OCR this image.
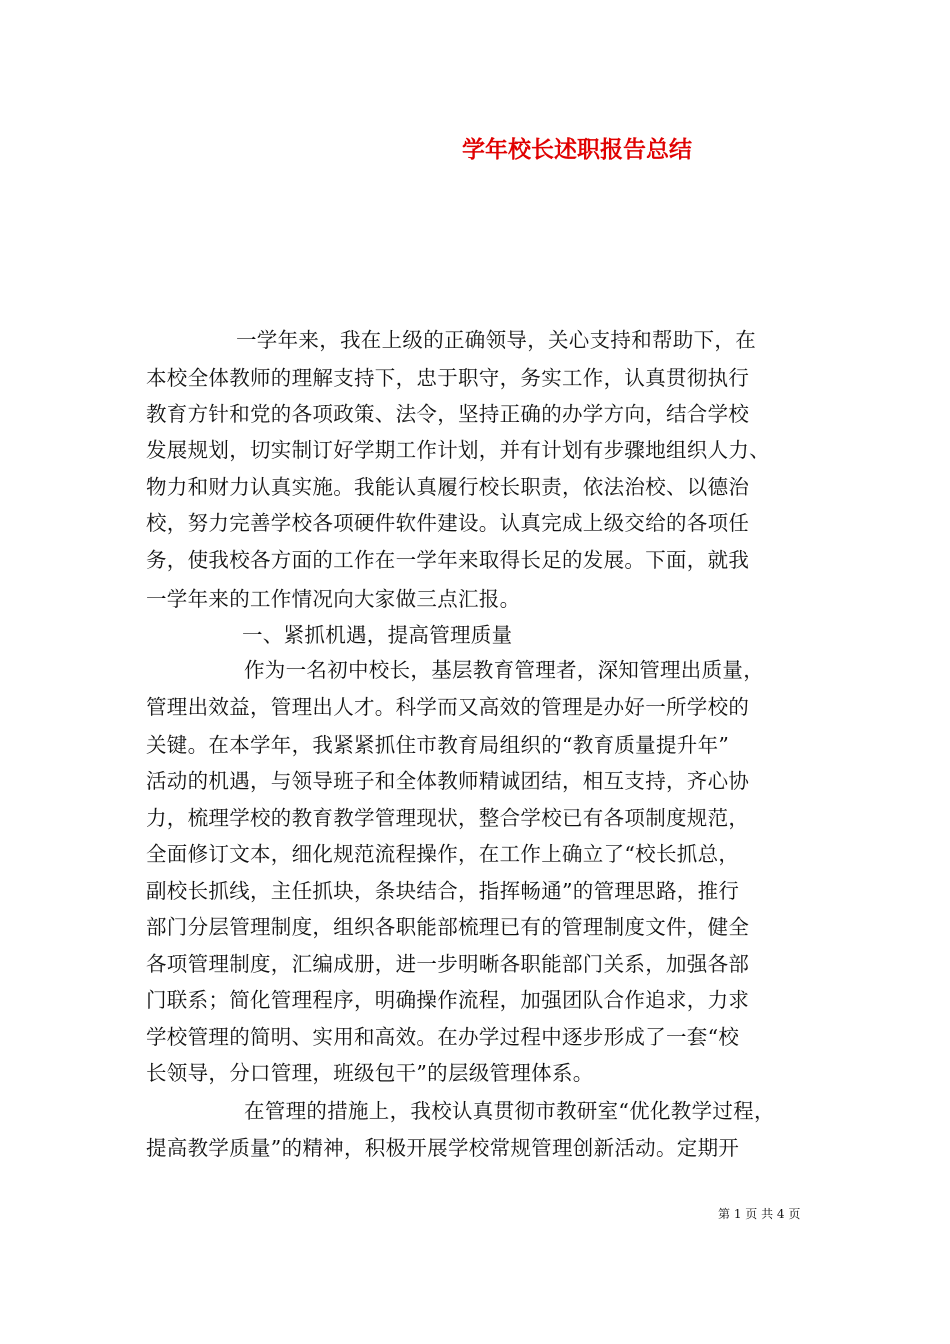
学年校长述职报告总结
一学年来，我在上级的正确领导，关心支持和帮助下，在
本校全体教师的理解支持下，忠于职守，务实工作，认真贯彻执行
教育方针和党的各项政策、法令，坚持正确的办学方向，结合学校
发展规划，切实制订好学期工作计划，并有计划有步骤地组织人力、
物力和财力认真实施。我能认真履行校长职责，依法治校、以德治
校，努力完善学校各项硬件软件建设。认真完成上级交给的各项任
务，使我校各方面的工作在一学年来取得长足的发展。下面，就我
一学年来的工作情况向大家做三点汇报。
一、紧抓机遇，提高管理质量
作为一名初中校长，基层教育管理者，深知管理出质量，
管理出效益，管理出人才。科学而又高效的管理是办好一所学校的
关键。在本学年，我紧紧抓住市教育局组织的“教育质量提升年”
活动的机遇，与领导班子和全体教师精诚团结，相互支持，齐心协
力，梳理学校的教育教学管理现状，整合学校已有各项制度规范，
全面修订文本，细化规范流程操作，在工作上确立了“校长抓总，
副校长抓线，主任抓块，条块结合，指挥畅通”的管理思路，推行
部门分层管理制度，组织各职能部梳理已有的管理制度文件，健全
各项管理制度，汇编成册，进一步明晰各职能部门关系，加强各部
门联系；简化管理程序，明确操作流程，加强团队合作追求，力求
学校管理的简明、实用和高效。在办学过程中逐步形成了一套“校
长领导，分口管理，班级包干”的层级管理体系。
在管理的措施上，我校认真贯彻市教研室“优化教学过程，
提高教学质量”的精神，积极开展学校常规管理创新活动。定期开
第 1 页 共 4 页
